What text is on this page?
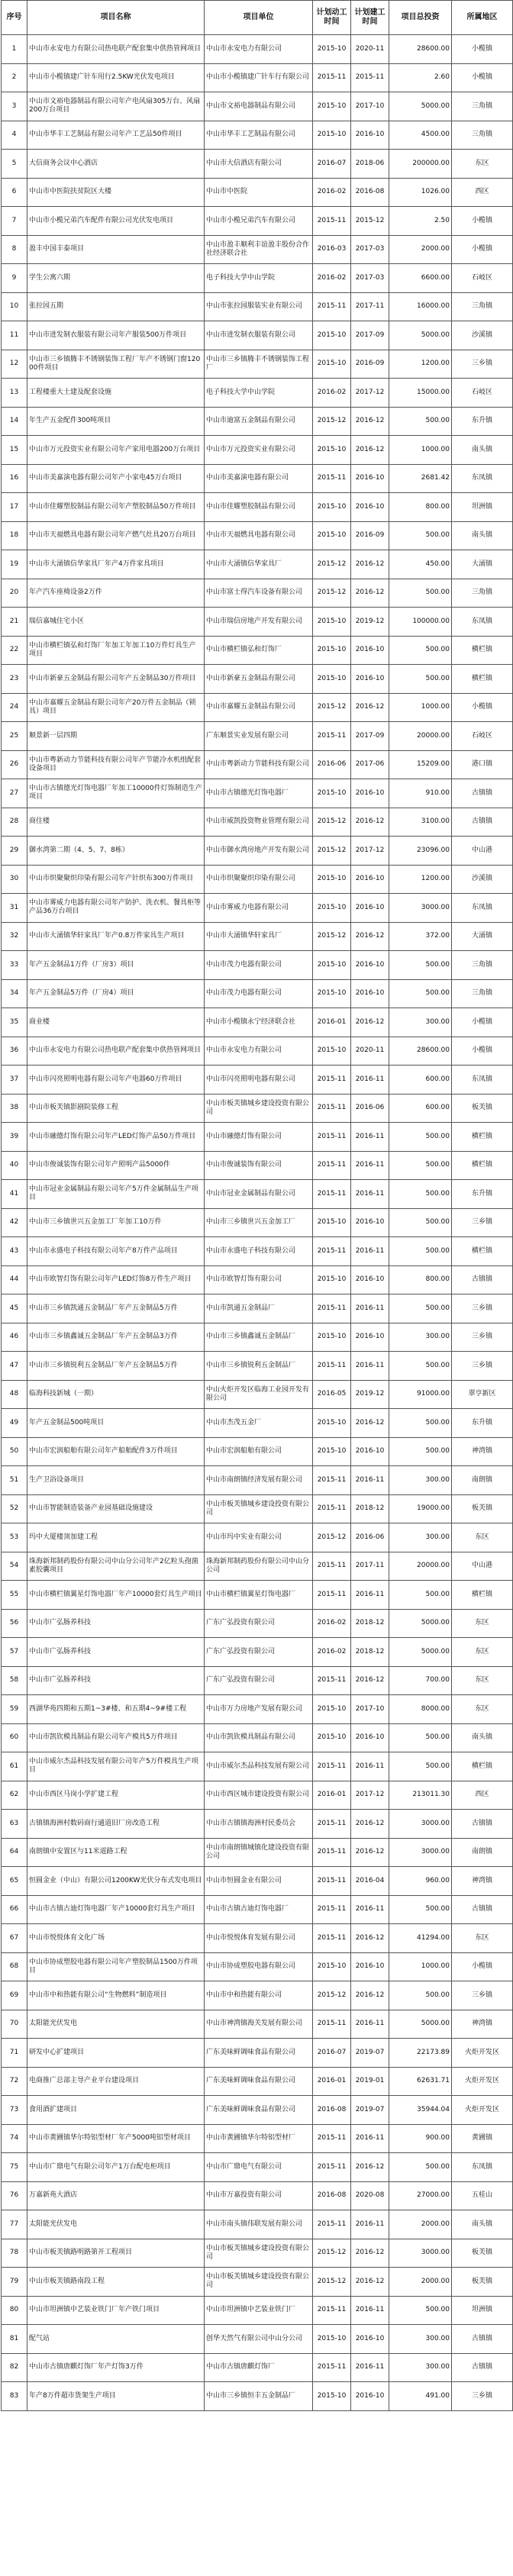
序号	项目名称	项目单位	计划动工时间	计划建工时间	项目总投资	所属地区
1	中山市永安电力有限公司热电联产配套集中供热管网项目	中山市永安电力有限公司	2015-10	2020-11	28600.00	小榄镇
2	中山市小榄镇建广针车用行2.5KW光伏发电项目	中山市小榄镇建广针车行有限公司	2015-11	2015-11	2.60	小榄镇
3	中山市文裕电器制品有限公司年产电风扇305万台、风扇200万台项目	中山市文裕电器制品有限公司	2015-10	2017-10	5000.00	三角镇
4	中山市华丰工艺制品有限公司年产工艺品50件项目	中山市华丰工艺制品有限公司	2015-10	2016-10	4500.00	三角镇
5	大信商务会议中心酒店	中山市大信酒店有限公司	2016-07	2018-06	200000.00	东区
6	中山市中医院扶贫院区大楼	中山市中医院	2016-02	2016-08	1026.00	西区
7	中山市小榄兄弟汽车配件有限公司光伏发电项目	中山市小榄兄弟汽车有限公司	2015-11	2015-12	2.50	小榄镇
8	盈丰中国丰泰项目	中山市盈丰顺利丰谊盈丰股份合作社经济联合社	2016-03	2017-03	2000.00	小榄镇
9	学生公寓六期	电子科技大学中山学院	2016-02	2017-03	6600.00	石岐区
10	张拉园五期	中山市张拉园服装实业有限公司	2015-11	2017-11	16000.00	三角镇
11	中山市进发制衣服装有限公司年产服装500万件项目	中山市进发制衣服装有限公司	2015-10	2017-09	5000.00	沙溪镇
12	中山市三乡镇腾丰不锈钢装饰工程厂年产不锈钢门窗12000件项目	中山市三乡镇腾丰不锈钢装饰工程厂	2015-10	2016-09	1200.00	三乡镇
13	工程楼重大土建及配套设施	电子科技大学中山学院	2016-02	2017-12	15000.00	石岐区
14	年生产五金配件300吨项目	中山市迪富五金制品有限公司	2015-12	2016-12	500.00	东升镇
15	中山市万元投资实业有限公司年产家用电器200万台项目	中山市万元投资实业有限公司	2015-10	2016-12	1000.00	南头镇
16	中山市美嘉演电器有限公司年产小家电45万台项目	中山市美嘉演电器有限公司	2015-11	2016-10	2681.42	东凤镇
17	中山市佳耀塑胶制品有限公司年产塑胶制品50万件项目	中山市佳耀塑胶制品有限公司	2015-10	2016-10	800.00	坦洲镇
18	中山市天福燃具电器有限公司年产燃气灶具20万台项目	中山市天福燃具电器有限公司	2015-10	2016-09	500.00	南头镇
19	中山市大涌镇信华家具厂年产4万件家具项目	中山市大涌镇信华家具厂	2015-12	2016-12	450.00	大涌镇
20	年产汽车座椅设备2万件	中山市富士得汽车设备有限公司	2015-12	2016-12	500.00	三角镇
21	瑞信嘉城住宅小区	中山市瑞信房地产开发有限公司	2015-10	2019-12	100000.00	东凤镇
22	中山市横栏镇弘和灯饰厂年加工年加工10万件灯具生产项目	中山市横栏镇弘和灯饰厂	2015-10	2016-10	500.00	横栏镇
23	中山市新豪五金制品有限公司年产五金制品30万件项目	中山市新豪五金制品有限公司	2015-10	2016-10	500.00	横栏镇
24	中山市嘉耀五金制品有限公司年产20万件五金制品（锁具）项目	中山市嘉耀五金制品有限公司	2015-12	2016-12	1000.00	小榄镇
25	顺景新一层四期	广东顺景实业发展有限公司	2015-11	2017-09	20000.00	石岐区
26	中山市粤新动力节能科技有限公司年产节能冷水机组配套设备项目	中山市粤新动力节能科技有限公司	2016-06	2017-06	15209.00	港口镇
27	中山市古镇德光灯饰电器厂年加工10000件灯饰制造生产项目	中山市古镇德光灯饰电器厂	2015-10	2016-10	910.00	古镇镇
28	商住楼	中山市威凯投资物业管理有限公司	2015-12	2016-12	3100.00	古镇镇
29	御水湾第二期（4、5、7、8栋）	中山市御水湾房地产开发有限公司	2015-12	2017-12	23096.00	中山港
30	中山市织聚聚织印染有限公司年产针织布300万件项目	中山市织聚聚织印染有限公司	2015-10	2016-10	1200.00	沙溪镇
31	中山市雾威力电器有限公司年产防护、洗衣机、餐具柜等产品36万台项目	中山市雾威力电器有限公司	2015-10	2016-10	3000.00	东凤镇
32	中山市大涌镇华轩家具厂年产0.8万件家具生产项目	中山市大涌镇华轩家具厂	2015-12	2016-12	372.00	大涌镇
33	年产五金制品1万件（厂房3）项目	中山市茂力电器有限公司	2015-10	2016-10	500.00	三角镇
34	年产五金制品5万件（厂房4）项目	中山市茂力电器有限公司	2015-10	2016-10	500.00	三角镇
35	商业楼	中山市小榄镇永宁经济联合社	2016-01	2016-12	300.00	小榄镇
36	中山市永安电力有限公司热电联产配套集中供热管网项目	中山市永安电力有限公司	2015-10	2020-11	28600.00	小榄镇
37	中山市闪亮照明电器有限公司年产电器60万件项目	中山市闪亮照明电器有限公司	2015-11	2016-11	600.00	东凤镇
38	中山市板芙镇影剧院装修工程	中山市板芙镇城乡建设投资有限公司	2015-11	2016-06	600.00	板芙镇
39	中山市融德灯饰有限公司年产LED灯饰产品50万件项目	中山市融德灯饰有限公司	2015-11	2016-11	500.00	横栏镇
40	中山市俊诚装饰有限公司年产照明产品5000件	中山市俊诚装饰有限公司	2015-11	2016-11	500.00	横栏镇
41	中山市冠业金属制品有限公司年产5万件金属制品生产项目	中山市冠业金属制品有限公司	2015-11	2016-11	500.00	东升镇
42	中山市三乡镇世兴五金加工厂年加工10万件	中山市三乡镇世兴五金加工厂	2015-10	2016-10	500.00	三乡镇
43	中山市永盛电子科技有限公司年产8万件产品项目	中山市永盛电子科技有限公司	2015-11	2016-11	500.00	横栏镇
44	中山市欧智灯饰有限公司年产LED灯饰8万件生产项目	中山市欧智灯饰有限公司	2015-10	2016-10	800.00	古镇镇
45	中山市三乡镇凯通五金制品厂年产五金制品5万件	中山市凯通五金制品厂	2015-11	2016-11	500.00	三乡镇
46	中山市三乡镇鑫诚五金制品厂年产五金制品3万件	中山市三乡镇鑫诚五金制品厂	2015-10	2016-10	300.00	三乡镇
47	中山市三乡镇锐利五金制品厂年产五金制品5万件	中山市三乡镇锐利五金制品厂	2015-11	2016-11	500.00	三乡镇
48	临海科技新城（一期）	中山火炬开发区临海工业园开发有限公司	2016-05	2019-12	91000.00	翠亨新区
49	年产五金制品500吨项目	中山市杰茂五金厂	2015-10	2016-12	500.00	东升镇
50	中山市宏润船舶有限公司年产船舶配件3万件项目	中山市宏润船舶有限公司	2015-10	2016-10	500.00	神湾镇
51	生产卫浴设备项目	中山市南朗镇经济发展有限公司	2015-11	2016-11	300.00	南朗镇
52	中山市智能制造装备产业园基础设施建设	中山市板芙镇城乡建设投资有限公司	2015-11	2018-12	19000.00	板芙镇
53	玛中大厦楼顶加建工程	中山市玛中实业有限公司	2015-12	2016-06	300.00	东区
54	珠海新邦制药股份有限公司中山分公司年产2亿粒头孢菌素胶囊项目	珠海新邦制药股份有限公司中山分公司	2015-11	2017-11	20000.00	中山港
55	中山市横栏镇翼星灯饰电器厂年产10000套灯具生产项目	中山市横栏镇翼星灯饰电器厂	2015-11	2016-11	500.00	横栏镇
56	中山市广弘肠养科技	广东广弘投资有限公司	2016-02	2018-12	5000.00	东区
57	中山市广弘肠养科技	广东广弘投资有限公司	2016-02	2018-12	5000.00	东区
58	中山市广弘肠养科技	广东广弘投资有限公司	2015-11	2016-12	700.00	东区
59	西湖华苑四期和五期1~3#楼、和五期4~9#楼工程	中山市万力房地产发展有限公司	2015-10	2017-10	8000.00	东区
60	中山市凯钦模具制品有限公司年产模具5万件项目	中山市凯钦模具制品有限公司	2015-10	2016-10	500.00	南头镇
61	中山市威尔杰品科技发展有限公司年产5万件模具生产项目	中山市威尔杰品科技发展有限公司	2015-11	2016-11	500.00	横栏镇
62	中山市西区马岗小学扩建工程	中山市西区城市建设投资有限公司	2016-01	2017-12	213011.30	西区
63	古镇镇海洲村数码商行通道旧厂房改造工程	中山市古镇镇海洲村民委员会	2015-11	2016-12	3000.00	古镇镇
64	南朗镇中安置区与11米道路工程	中山市南朗镇城镇化建设投资有限公司	2015-11	2016-12	3000.00	南朗镇
65	恒圆金业（中山）有限公司1200KW光伏分布式发电项目	中山市恒圆金业有限公司	2015-11	2016-04	960.00	神湾镇
66	中山市古镇古迪灯饰电器厂年产10000套灯具生产项目	中山市古镇古迪灯饰电器厂	2015-11	2016-11	500.00	古镇镇
67	中山市悦悦体育文化广场	中山市悦悦体育发展有限公司	2015-11	2016-12	41294.00	东区
68	中山市协成塑胶电器有限公司年产塑胶制品1500万件项目	中山市协成塑胶电器有限公司	2015-10	2016-10	1000.00	小榄镇
69	中山市中和热能有限公司“生物燃料”制造项目	中山市中和热能有限公司	2015-12	2016-12	500.00	三乡镇
70	太阳能光伏发电	中山市神湾镇海关发展有限公司	2015-11	2016-11	5000.00	神湾镇
71	研发中心扩建项目	广东美味鲜调味食品有限公司	2016-07	2019-07	22173.89	火炬开发区
72	电商推广总部主导产业平台建设项目	广东美味鲜调味食品有限公司	2016-01	2019-01	62631.71	火炬开发区
73	食用酒扩建项目	广东美味鲜调味食品有限公司	2016-08	2019-07	35944.04	火炬开发区
74	中山市黄圃镇华尔特铝型材厂年产5000吨铝型材项目	中山市黄圃镇华尔特铝型材厂	2015-11	2016-11	900.00	黄圃镇
75	中山市广鼎电气有限公司年产1万台配电柜项目	中山市广鼎电气有限公司	2015-11	2016-12	500.00	东凤镇
76	万嘉新苑大酒店	中山市万嘉投资有限公司	2016-08	2020-08	27000.00	五桂山
77	太阳能光伏发电	中山市南头镇伟联发展有限公司	2015-11	2016-11	2000.00	南头镇
78	中山市板芙镇路明路第开工程项目	中山市板芙镇城乡建设投资有限公司	2015-12	2016-12	3000.00	板芙镇
79	中山市板芙镇路南段工程	中山市板芙镇城乡建设投资有限公司	2015-12	2016-12	2000.00	板芙镇
80	中山市坦洲镇中艺装业铁门厂年产铁门项目	中山市坦洲镇中艺装业铁门厂	2015-11	2016-11	500.00	坦洲镇
81	配气站	创华天然气有限公司中山分公司	2015-10	2016-10	300.00	古镇镇
82	中山市古镇唐麒灯饰厂年产灯饰3万件	中山市古镇唐麒灯饰厂	2015-11	2016-11	300.00	古镇镇
83	年产8万件超市货架生产项目	中山市三乡镇恒丰五金制品厂	2015-10	2016-10	491.00	三乡镇
